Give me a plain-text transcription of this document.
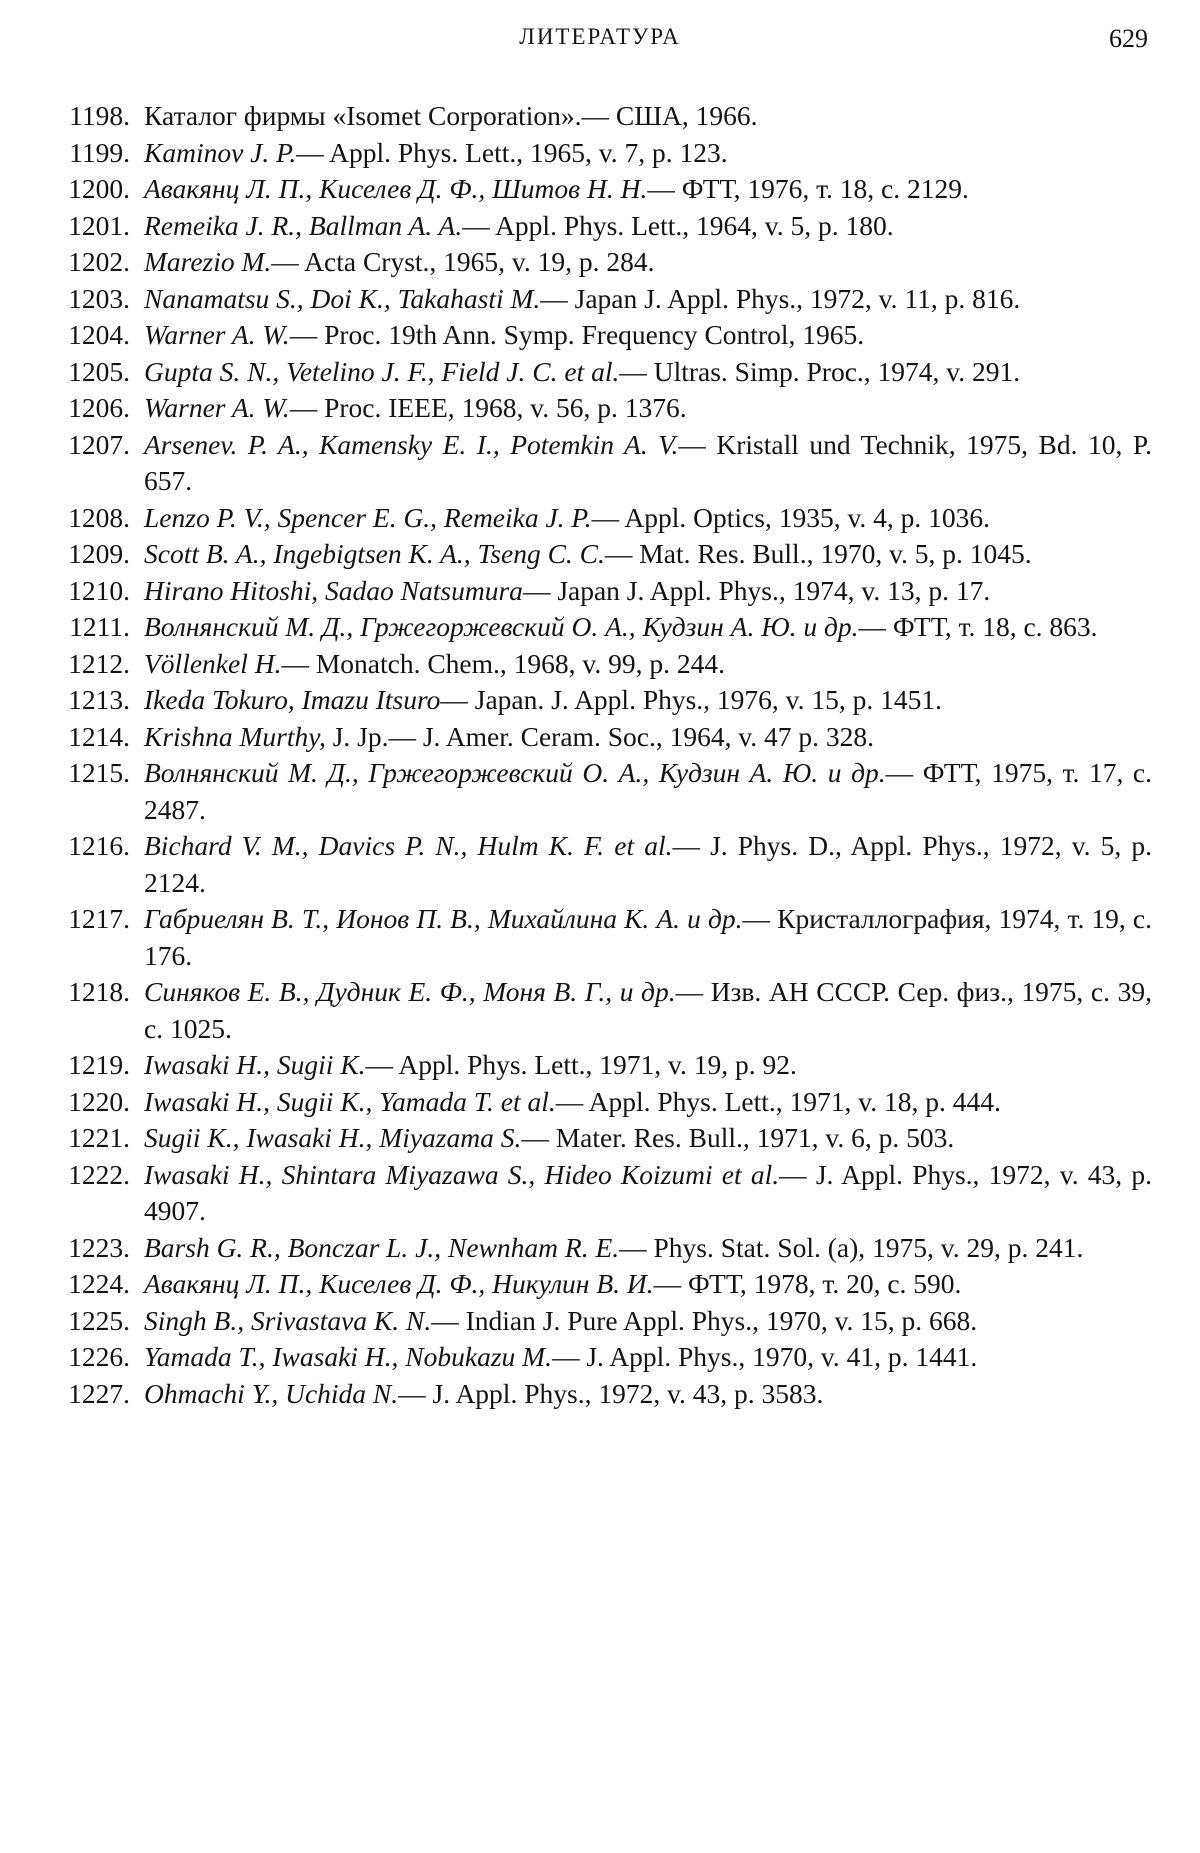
ЛИТЕРАТУРА	629
1198. Каталог фирмы «Isomet Corporation».— США, 1966.
1199. Kaminov J. P.— Appl. Phys. Lett., 1965, v. 7, p. 123.
1200. Авакянц Л. П., Киселев Д. Ф., Шитов Н. Н.— ФТТ, 1976, т. 18, с. 2129.
1201. Remeika J. R., Ballman A. A.— Appl. Phys. Lett., 1964, v. 5, p. 180.
1202. Marezio M.— Acta Cryst., 1965, v. 19, p. 284.
1203. Nanamatsu S., Doi K., Takahasti M.— Japan J. Appl. Phys., 1972, v. 11, p. 816.
1204. Warner A. W.— Proc. 19th Ann. Symp. Frequency Control, 1965.
1205. Gupta S. N., Vetelino J. F., Field J. C. et al.— Ultras. Simp. Proc., 1974, v. 291.
1206. Warner A. W.— Proc. IEEE, 1968, v. 56, p. 1376.
1207. Arsenev. P. A., Kamensky E. I., Potemkin A. V.— Kristall und Technik, 1975, Bd. 10, P. 657.
1208. Lenzo P. V., Spencer E. G., Remeika J. P.— Appl. Optics, 1935, v. 4, p. 1036.
1209. Scott B. A., Ingebigtsen K. A., Tseng C. C.— Mat. Res. Bull., 1970, v. 5, p. 1045.
1210. Hirano Hitoshi, Sadao Natsumura— Japan J. Appl. Phys., 1974, v. 13, p. 17.
1211. Волнянский М. Д., Гржегоржевский О. А., Кудзин А. Ю. и др.— ФТТ, т. 18, с. 863.
1212. Völlenkel H.— Monatch. Chem., 1968, v. 99, p. 244.
1213. Ikeda Tokuro, Imazu Itsuro— Japan. J. Appl. Phys., 1976, v. 15, p. 1451.
1214. Krishna Murthy, J. Jp.— J. Amer. Ceram. Soc., 1964, v. 47 p. 328.
1215. Волнянский М. Д., Гржегоржевский О. А., Кудзин А. Ю. и др.— ФТТ, 1975, т. 17, с. 2487.
1216. Bichard V. M., Davics P. N., Hulm K. F. et al.— J. Phys. D., Appl. Phys., 1972, v. 5, p. 2124.
1217. Габриелян В. Т., Ионов П. В., Михайлина К. А. и др.— Кристаллография, 1974, т. 19, с. 176.
1218. Синяков Е. В., Дудник Е. Ф., Моня В. Г., и др.— Изв. АН СССР. Сер. физ., 1975, с. 39, с. 1025.
1219. Iwasaki H., Sugii K.— Appl. Phys. Lett., 1971, v. 19, p. 92.
1220. Iwasaki H., Sugii K., Yamada T. et al.— Appl. Phys. Lett., 1971, v. 18, p. 444.
1221. Sugii K., Iwasaki H., Miyazama S.— Mater. Res. Bull., 1971, v. 6, p. 503.
1222. Iwasaki H., Shintara Miyazawa S., Hideo Koizumi et al.— J. Appl. Phys., 1972, v. 43, p. 4907.
1223. Barsh G. R., Bonczar L. J., Newnham R. E.— Phys. Stat. Sol. (a), 1975, v. 29, p. 241.
1224. Авакянц Л. П., Киселев Д. Ф., Никулин В. И.— ФТТ, 1978, т. 20, с. 590.
1225. Singh B., Srivastava K. N.— Indian J. Pure Appl. Phys., 1970, v. 15, p. 668.
1226. Yamada T., Iwasaki H., Nobukazu M.— J. Appl. Phys., 1970, v. 41, p. 1441.
1227. Ohmachi Y., Uchida N.— J. Appl. Phys., 1972, v. 43, p. 3583.
